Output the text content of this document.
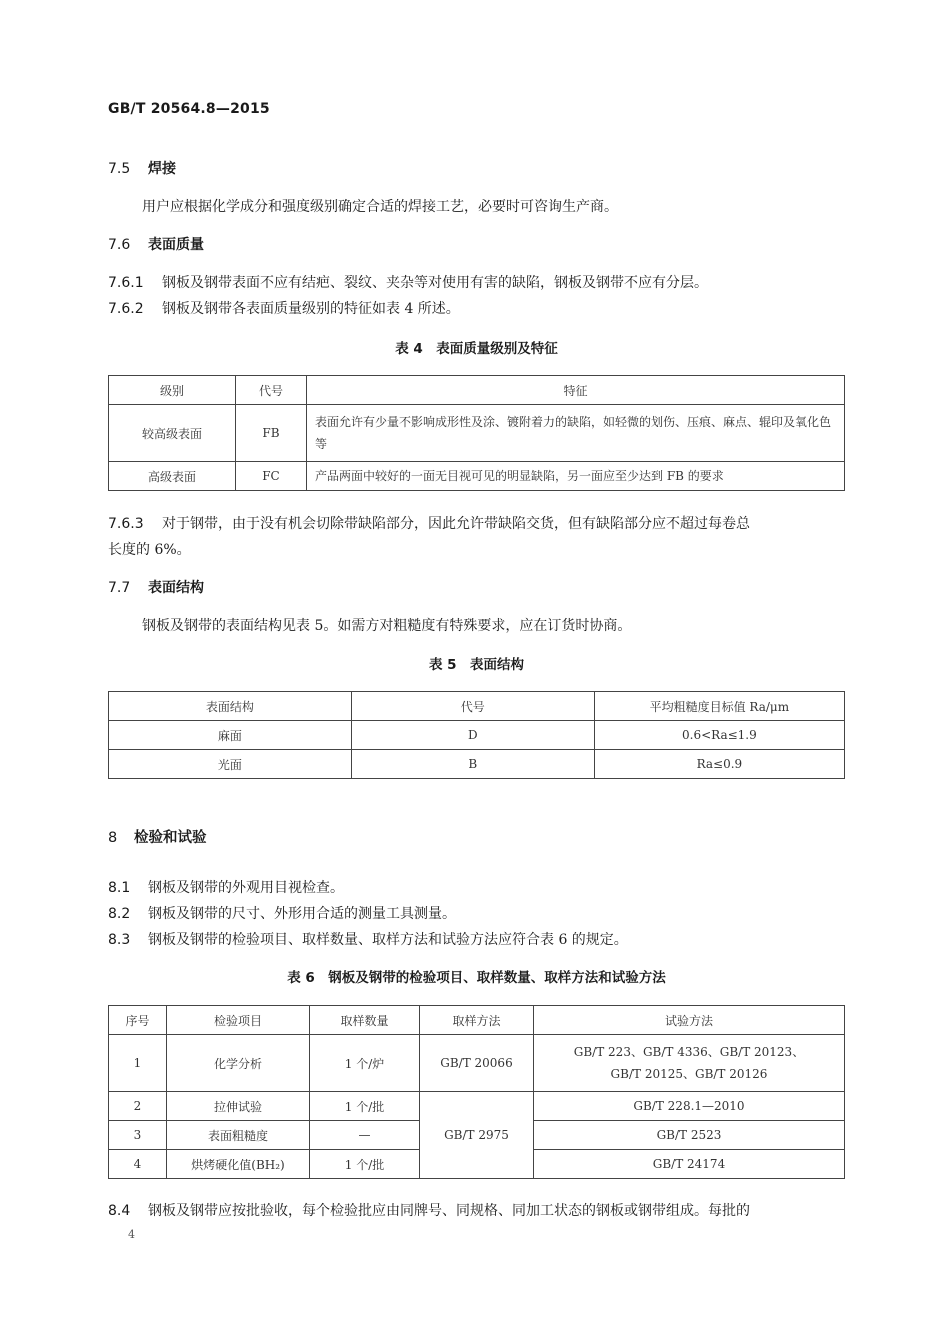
GB/T 20564.8—2015
7.5 焊接
用户应根据化学成分和强度级别确定合适的焊接工艺，必要时可咨询生产商。
7.6 表面质量
7.6.1 钢板及钢带表面不应有结疤、裂纹、夹杂等对使用有害的缺陷，钢板及钢带不应有分层。
7.6.2 钢板及钢带各表面质量级别的特征如表 4 所述。
表 4　表面质量级别及特征
级别	代号	特征
较高级表面	FB	表面允许有少量不影响成形性及涂、镀附着力的缺陷，如轻微的划伤、压痕、麻点、辊印及氧化色等
高级表面	FC	产品两面中较好的一面无目视可见的明显缺陷，另一面应至少达到 FB 的要求
7.6.3 对于钢带，由于没有机会切除带缺陷部分，因此允许带缺陷交货，但有缺陷部分应不超过每卷总
长度的 6%。
7.7 表面结构
钢板及钢带的表面结构见表 5。如需方对粗糙度有特殊要求，应在订货时协商。
表 5　表面结构
表面结构	代号	平均粗糙度目标值 Ra/μm
麻面	D	0.6<Ra≤1.9
光面	B	Ra≤0.9
8 检验和试验
8.1 钢板及钢带的外观用目视检查。
8.2 钢板及钢带的尺寸、外形用合适的测量工具测量。
8.3 钢板及钢带的检验项目、取样数量、取样方法和试验方法应符合表 6 的规定。
表 6　钢板及钢带的检验项目、取样数量、取样方法和试验方法
序号	检验项目	取样数量	取样方法	试验方法
1	化学分析	1 个/炉	GB/T 20066	GB/T 223、GB/T 4336、GB/T 20123、
GB/T 20125、GB/T 20126

2	拉伸试验	1 个/批	GB/T 2975	GB/T 228.1—2010
3	表面粗糙度	—		GB/T 2523
4	烘烤硬化值(BH₂)	1 个/批		GB/T 24174
8.4 钢板及钢带应按批验收，每个检验批应由同牌号、同规格、同加工状态的钢板或钢带组成。每批的
4
